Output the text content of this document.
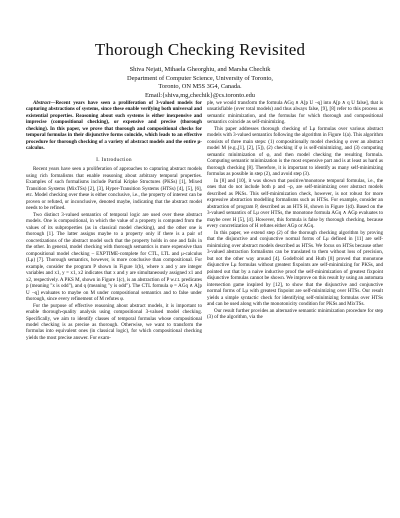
Thorough Checking Revisited
Shiva Nejati, Mihaela Gheorghiu, and Marsha Chechik
Department of Computer Science, University of Toronto,
Toronto, ON M5S 3G4, Canada.
Email:{shiva,mg,chechik}@cs.toronto.edu

Abstract—Recent years have seen a proliferation of 3-valued models for capturing abstractions of systems, since these enable verifying both universal and existential properties. Reasoning about such systems is either inexpensive and imprecise (compositional checking), or expensive and precise (thorough checking). In this paper, we prove that thorough and compositional checks for temporal formulas in their disjunctive forms coincide, which leads to an effective procedure for thorough checking of a variety of abstract models and the entire μ-calculus.

I. Introduction

Recent years have seen a proliferation of approaches to capturing abstract models using rich formalisms that enable reasoning about arbitrary temporal properties. Examples of such formalisms include Partial Kripke Structures (PKSs) [1], Mixed Transition Systems (MixTSs) [2], [3], Hyper-Transition Systems (HTSs) [4], [5], [6], etc. Model checking over these is either conclusive, i.e., the property of interest can be proven or refuted, or inconclusive, denoted maybe, indicating that the abstract model needs to be refined.

Two distinct 3-valued semantics of temporal logic are used over these abstract models. One is compositional, in which the value of a property is computed from the values of its subproperties (as in classical model checking), and the other one is thorough [1]. The latter assigns maybe to a property only if there is a pair of concretizations of the abstract model such that the property holds in one and fails in the other. In general, model checking with thorough semantics is more expensive than compositional model checking – EXPTIME-complete for CTL, LTL and μ-calculus (Lμ) [7]. Thorough semantics, however, is more conclusive than compositional. For example, consider the program P shown in Figure 1(b), where x and y are integer variables and x1, y = x1, x2 indicates that x and y are simultaneously assigned x1 and x2, respectively. A PKS M, shown in Figure 1(c), is an abstraction of P w.r.t. predicates p (meaning "x is odd"), and q (meaning "y is odd"). The CTL formula φ = AGq ∧ A[p U ¬q] evaluates to maybe on M under compositional semantics and to false under thorough, since every refinement of M refutes φ.

For the purpose of effective reasoning about abstract models, it is important to enable thorough-quality analysis using compositional 3-valued model checking. Specifically, we aim to identify classes of temporal formulas whose compositional model checking is as precise as thorough. Otherwise, we want to transform the formulas into equivalent ones (in classical logic), for which compositional checking yields the most precise answer. For exam-

ple, we would transform the formula AGq ∧ A[p U ¬q] into A[p ∧ q U false], that is unsatisfiable (over total models) and thus always false, [9], [8] refer to this process as semantic minimization, and the formulas for which thorough and compositional semantics coincide as self-minimizing.

This paper addresses thorough checking of Lμ formulas over various abstract models with 3-valued semantics following the algorithm in Figure 1(a). This algorithm consists of three main steps: (1) compositionally model checking φ over an abstract model M (e.g.,[1], [2], [5]), (2) checking if φ is self-minimizing, and (3) computing semantic minimization of φ, and then model checking the resulting formula. Computing semantic minimization is the most expensive part and is at least as hard as thorough checking [8]. Therefore, it is important to identify as many self-minimizing formulas as possible in step (2), and avoid step (3).

In [8] and [10], it was shown that positive/monotone temporal formulas, i.e., the ones that do not include both p and ¬p, are self-minimizing over abstract models described as PKSs. This self-minimization check, however, is not robust for more expressive abstraction modelling formalisms such as HTSs. For example, consider an abstraction of program P, described as an HTS H, shown in Figure 1(d). Based on the 3-valued semantics of Lμ over HTSs, the monotone formula AGq ∧ AGp evaluates to maybe over H [5], [4]. However, this formula is false by thorough checking, because every concretization of H refutes either AGp or AGq.

In this paper, we extend step (2) of the thorough checking algorithm by proving that the disjunctive and conjunctive normal forms of Lμ defined in [11] are self-minimizing over abstract models described as HTSs. We focus on HTSs because other 3-valued abstraction formalisms can be translated to them without loss of precision, but not the other way around [4]. Godefroid and Huth [8] proved that monotone disjunctive Lμ formulas without greatest fixpoints are self-minimizing for PKSs, and pointed out that by a naive inductive proof the self-minimization of greatest fixpoint disjunctive formulas cannot be shown. We improve on this result by using an automata intersection game inspired by [12], to show that the disjunctive and conjunctive normal forms of Lμ with greatest fixpoint are self-minimizing over HTSs. Our result yields a simple syntactic check for identifying self-minimizing formulas over HTSs and can be used along with the monotonicity condition for PKSs and MixTSs.

Our result further provides an alternative semantic minimization procedure for step (3) of the algorithm, via the
